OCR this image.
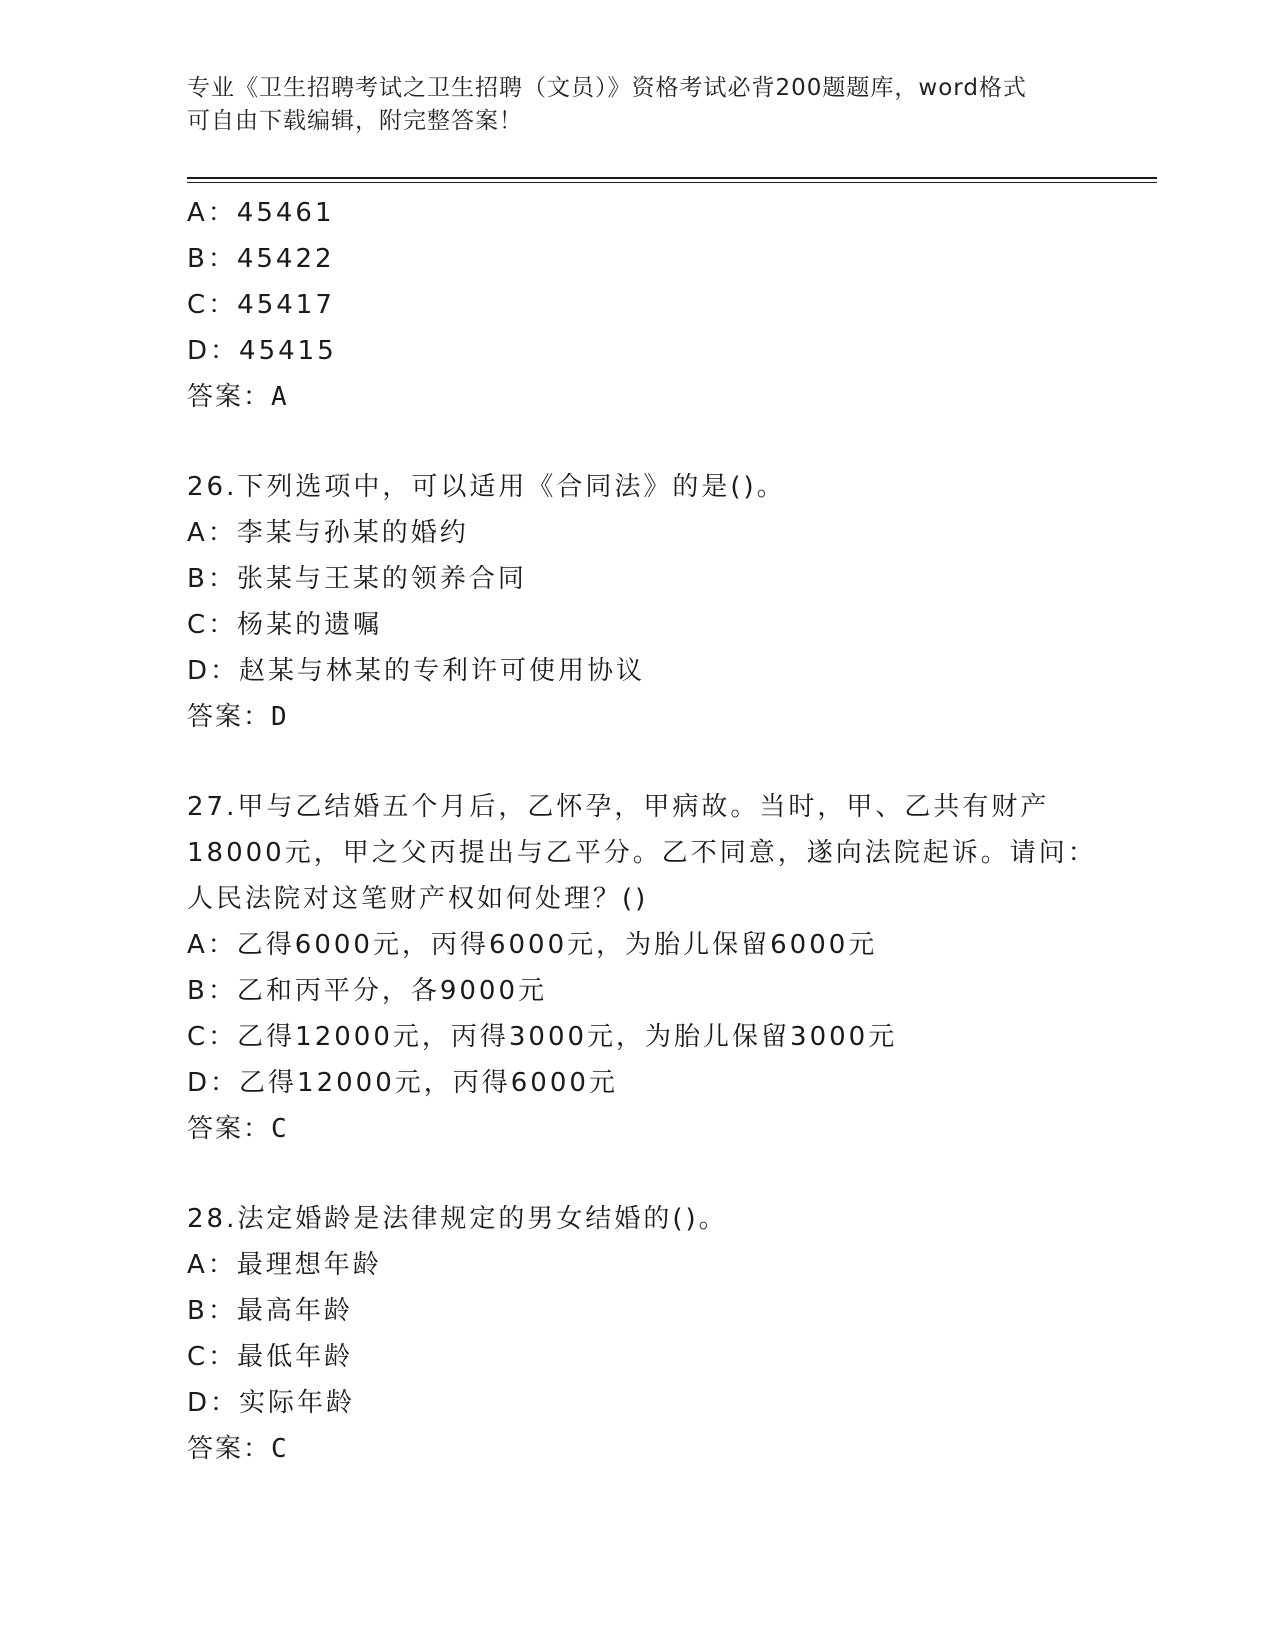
专业《卫生招聘考试之卫生招聘（文员）》资格考试必背200题题库，word格式
可自由下载编辑，附完整答案！
A：45461
B：45422
C：45417
D：45415
答案：A
26.下列选项中，可以适用《合同法》的是()。
A：李某与孙某的婚约
B：张某与王某的领养合同
C：杨某的遗嘱
D：赵某与林某的专利许可使用协议
答案：D
27.甲与乙结婚五个月后，乙怀孕，甲病故。当时，甲、乙共有财产
18000元，甲之父丙提出与乙平分。乙不同意，遂向法院起诉。请问：
人民法院对这笔财产权如何处理？()
A：乙得6000元，丙得6000元，为胎儿保留6000元
B：乙和丙平分，各9000元
C：乙得12000元，丙得3000元，为胎儿保留3000元
D：乙得12000元，丙得6000元
答案：C
28.法定婚龄是法律规定的男女结婚的()。
A：最理想年龄
B：最高年龄
C：最低年龄
D：实际年龄
答案：C
